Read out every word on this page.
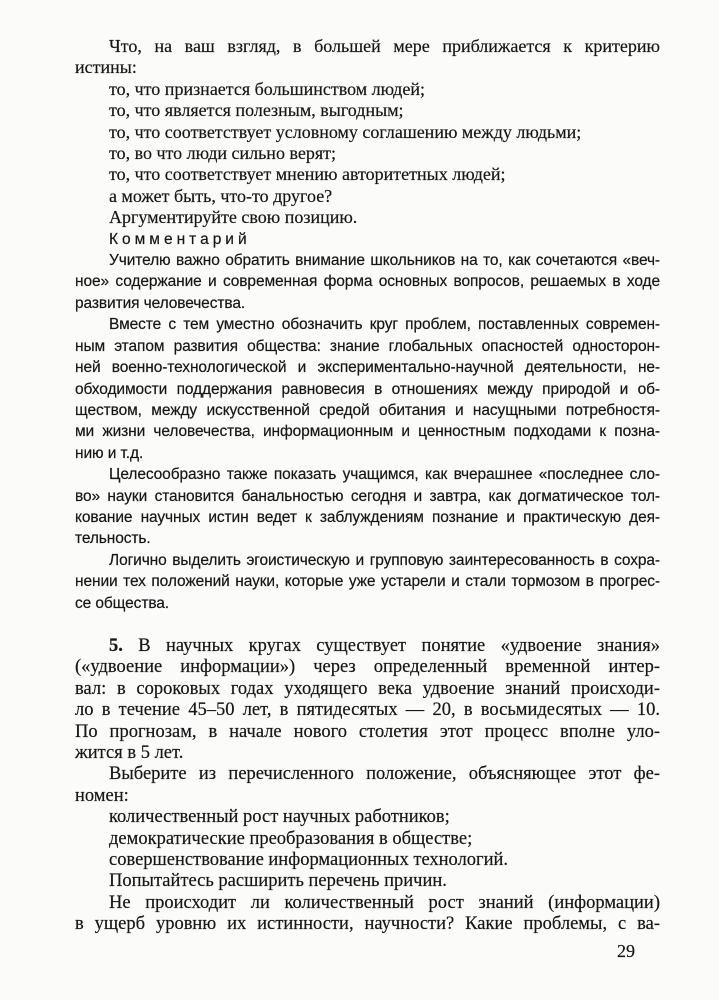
Что, на ваш взгляд, в большей мере приближается к критерию
истины:
то, что признается большинством людей;
то, что является полезным, выгодным;
то, что соответствует условному соглашению между людьми;
то, во что люди сильно верят;
то, что соответствует мнению авторитетных людей;
а может быть, что-то другое?
Аргументируйте свою позицию.
Комментарий
Учителю важно обратить внимание школьников на то, как сочетаются «веч-
ное» содержание и современная форма основных вопросов, решаемых в ходе
развития человечества.
Вместе с тем уместно обозначить круг проблем, поставленных современ-
ным этапом развития общества: знание глобальных опасностей односторон-
ней военно-технологической и экспериментально-научной деятельности, не-
обходимости поддержания равновесия в отношениях между природой и об-
ществом, между искусственной средой обитания и насущными потребностя-
ми жизни человечества, информационным и ценностным подходами к позна-
нию и т.д.
Целесообразно также показать учащимся, как вчерашнее «последнее сло-
во» науки становится банальностью сегодня и завтра, как догматическое тол-
кование научных истин ведет к заблуждениям познание и практическую дея-
тельность.
Логично выделить эгоистическую и групповую заинтересованность в сохра-
нении тех положений науки, которые уже устарели и стали тормозом в прогрес-
се общества.
5. В научных кругах существует понятие «удвоение знания»
(«удвоение информации») через определенный временной интер-
вал: в сороковых годах уходящего века удвоение знаний происходи-
ло в течение 45–50 лет, в пятидесятых — 20, в восьмидесятых — 10.
По прогнозам, в начале нового столетия этот процесс вполне уло-
жится в 5 лет.
Выберите из перечисленного положение, объясняющее этот фе-
номен:
количественный рост научных работников;
демократические преобразования в обществе;
совершенствование информационных технологий.
Попытайтесь расширить перечень причин.
Не происходит ли количественный рост знаний (информации)
в ущерб уровню их истинности, научности? Какие проблемы, с ва-
29
